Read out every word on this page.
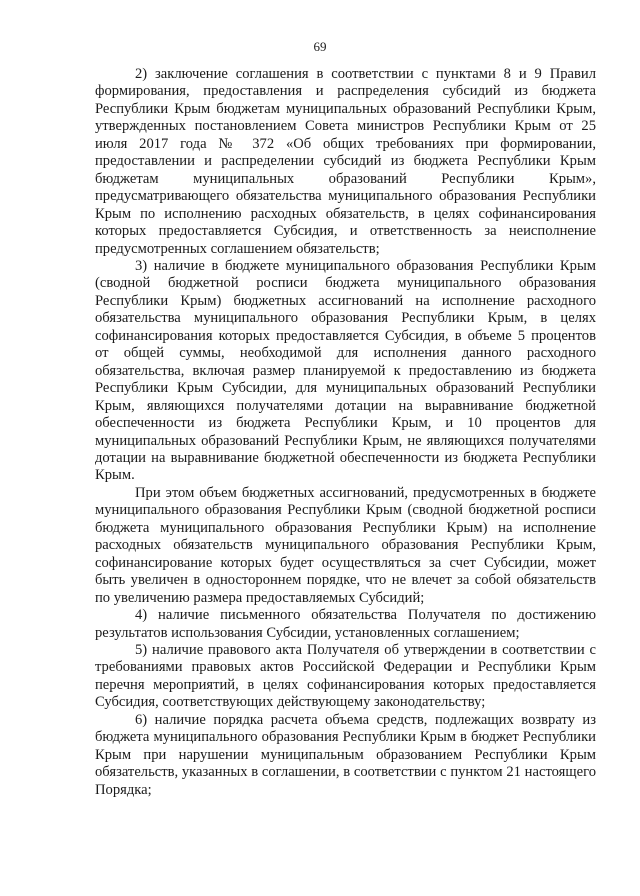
69

2) заключение соглашения в соответствии с пунктами 8 и 9 Правил формирования, предоставления и распределения субсидий из бюджета Республики Крым бюджетам муниципальных образований Республики Крым, утвержденных постановлением Совета министров Республики Крым от 25 июля 2017 года № 372 «Об общих требованиях при формировании, предоставлении и распределении субсидий из бюджета Республики Крым бюджетам муниципальных образований Республики Крым», предусматривающего обязательства муниципального образования Республики Крым по исполнению расходных обязательств, в целях софинансирования которых предоставляется Субсидия, и ответственность за неисполнение предусмотренных соглашением обязательств;

3) наличие в бюджете муниципального образования Республики Крым (сводной бюджетной росписи бюджета муниципального образования Республики Крым) бюджетных ассигнований на исполнение расходного обязательства муниципального образования Республики Крым, в целях софинансирования которых предоставляется Субсидия, в объеме 5 процентов от общей суммы, необходимой для исполнения данного расходного обязательства, включая размер планируемой к предоставлению из бюджета Республики Крым Субсидии, для муниципальных образований Республики Крым, являющихся получателями дотации на выравнивание бюджетной обеспеченности из бюджета Республики Крым, и 10 процентов для муниципальных образований Республики Крым, не являющихся получателями дотации на выравнивание бюджетной обеспеченности из бюджета Республики Крым.

При этом объем бюджетных ассигнований, предусмотренных в бюджете муниципального образования Республики Крым (сводной бюджетной росписи бюджета муниципального образования Республики Крым) на исполнение расходных обязательств муниципального образования Республики Крым, софинансирование которых будет осуществляться за счет Субсидии, может быть увеличен в одностороннем порядке, что не влечет за собой обязательств по увеличению размера предоставляемых Субсидий;

4) наличие письменного обязательства Получателя по достижению результатов использования Субсидии, установленных соглашением;

5) наличие правового акта Получателя об утверждении в соответствии с требованиями правовых актов Российской Федерации и Республики Крым перечня мероприятий, в целях софинансирования которых предоставляется Субсидия, соответствующих действующему законодательству;

6) наличие порядка расчета объема средств, подлежащих возврату из бюджета муниципального образования Республики Крым в бюджет Республики Крым при нарушении муниципальным образованием Республики Крым обязательств, указанных в соглашении, в соответствии с пунктом 21 настоящего Порядка;
